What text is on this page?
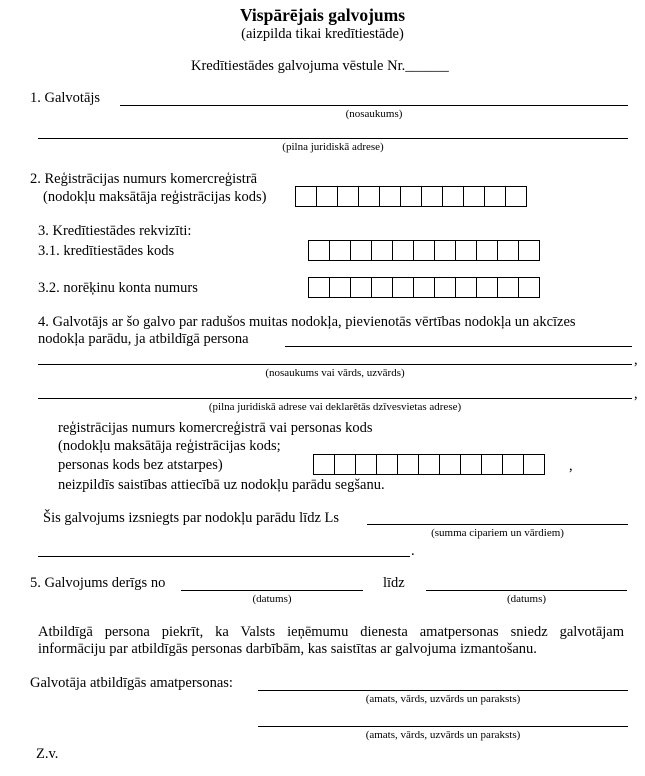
Vispārējais galvojums
(aizpilda tikai kredītiestāde)
Kredītiestādes galvojuma vēstule Nr.______
1. Galvotājs
(nosaukums)
(pilna juridiskā adrese)
2. Reģistrācijas numurs komercreģistrā
(nodokļu maksātāja reģistrācijas kods)
3. Kredītiestādes rekvizīti:
3.1. kredītiestādes kods
3.2. norēķinu konta numurs
4. Galvotājs ar šo galvo par radušos muitas nodokļa, pievienotās vērtības nodokļa un akcīzes
nodokļa parādu, ja atbildīgā persona
,
(nosaukums vai vārds, uzvārds)
,
(pilna juridiskā adrese vai deklarētās dzīvesvietas adrese)
reģistrācijas numurs komercreģistrā vai personas kods
(nodokļu maksātāja reģistrācijas kods;
personas kods bez atstarpes)	,
neizpildīs saistības attiecībā uz nodokļu parādu segšanu.
Šis galvojums izsniegts par nodokļu parādu līdz Ls
(summa cipariem un vārdiem)
.
5. Galvojums derīgs no
(datums)
līdz
(datums)
Atbildīgā persona piekrīt, ka Valsts ieņēmumu dienesta amatpersonas sniedz galvotājam
informāciju par atbildīgās personas darbībām, kas saistītas ar galvojuma izmantošanu.
Galvotāja atbildīgās amatpersonas:
(amats, vārds, uzvārds un paraksts)
(amats, vārds, uzvārds un paraksts)
Z.v.
